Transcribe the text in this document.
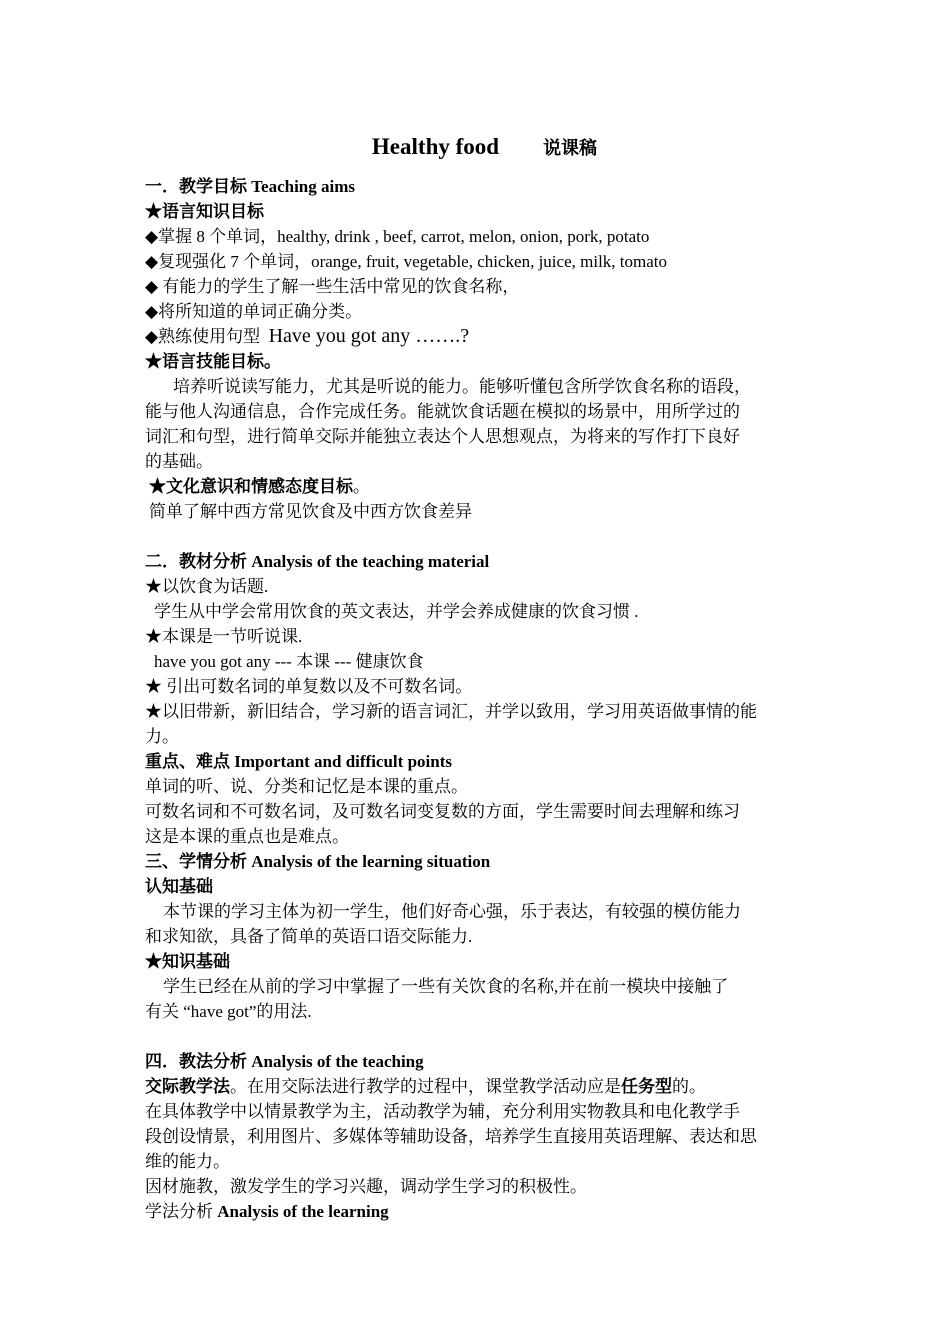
Healthy food 说课稿
一．教学目标 Teaching aims
★语言知识目标
◆掌握 8 个单词，healthy, drink , beef, carrot, melon, onion, pork, potato
◆复现强化 7 个单词，orange, fruit, vegetable, chicken, juice, milk, tomato
◆ 有能力的学生了解一些生活中常见的饮食名称，
◆将所知道的单词正确分类。
◆熟练使用句型 Have you got any …….?
★语言技能目标。
培养听说读写能力，尤其是听说的能力。能够听懂包含所学饮食名称的语段，
能与他人沟通信息，合作完成任务。能就饮食话题在模拟的场景中，用所学过的
词汇和句型，进行简单交际并能独立表达个人思想观点，为将来的写作打下良好
的基础。
★文化意识和情感态度目标。
简单了解中西方常见饮食及中西方饮食差异
二．教材分析 Analysis of the teaching material
★以饮食为话题.
学生从中学会常用饮食的英文表达，并学会养成健康的饮食习惯 .
★本课是一节听说课.
have you got any --- 本课 --- 健康饮食
★ 引出可数名词的单复数以及不可数名词。
★以旧带新，新旧结合，学习新的语言词汇，并学以致用，学习用英语做事情的能
力。
重点、难点 Important and difficult points
单词的听、说、分类和记忆是本课的重点。
可数名词和不可数名词，及可数名词变复数的方面，学生需要时间去理解和练习
这是本课的重点也是难点。
三、学情分析 Analysis of the learning situation
认知基础
本节课的学习主体为初一学生，他们好奇心强，乐于表达，有较强的模仿能力
和求知欲，具备了简单的英语口语交际能力.
★知识基础
学生已经在从前的学习中掌握了一些有关饮食的名称,并在前一模块中接触了
有关 “have got”的用法.
四．教法分析 Analysis of the teaching
交际教学法。在用交际法进行教学的过程中，课堂教学活动应是任务型的。
在具体教学中以情景教学为主，活动教学为辅，充分利用实物教具和电化教学手
段创设情景，利用图片、多媒体等辅助设备，培养学生直接用英语理解、表达和思
维的能力。
因材施教，激发学生的学习兴趣，调动学生学习的积极性。
学法分析 Analysis of the learning
